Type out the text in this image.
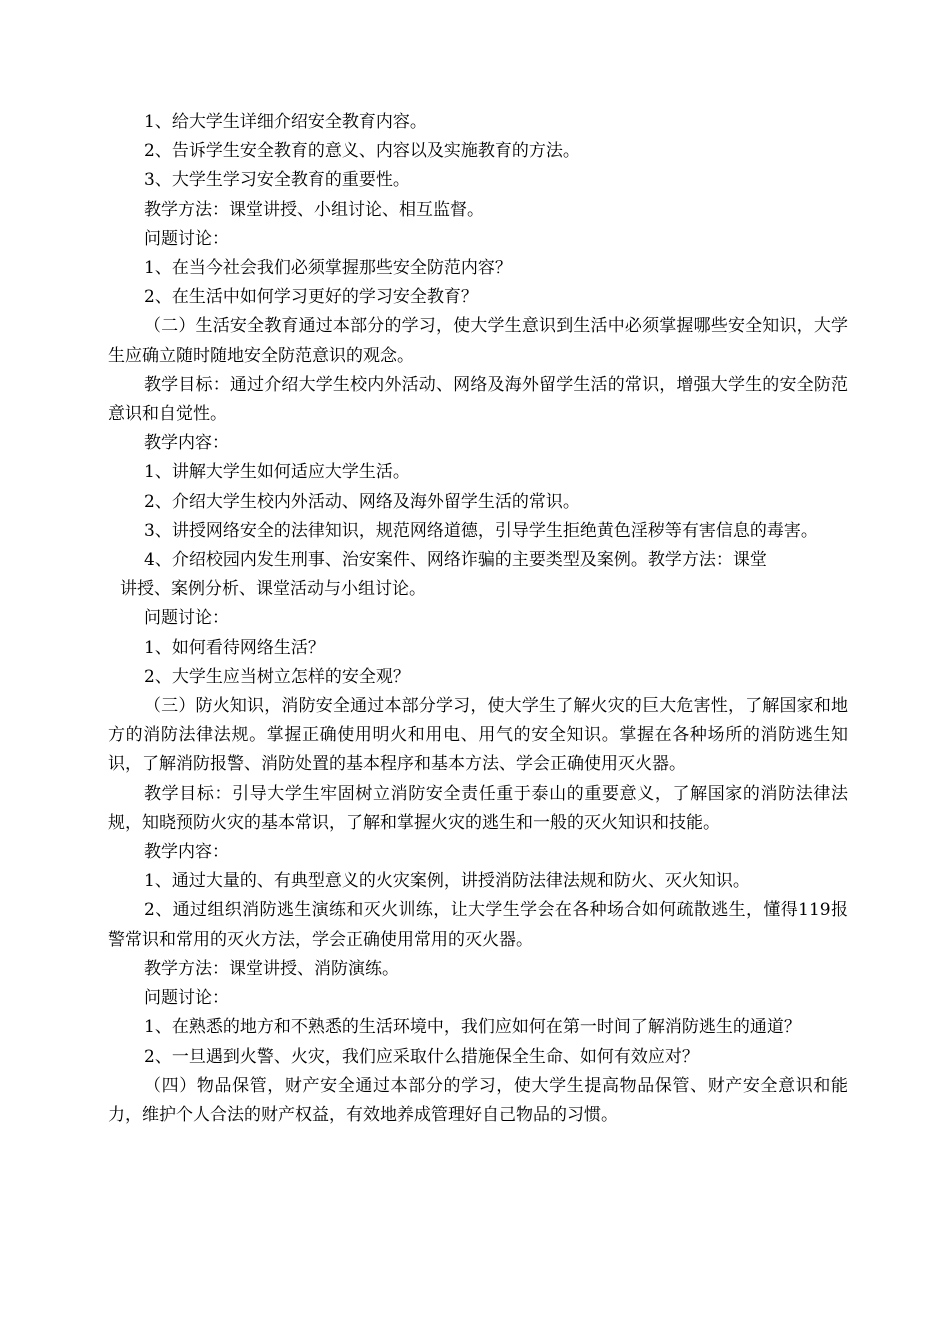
1、给大学生详细介绍安全教育内容。

2、告诉学生安全教育的意义、内容以及实施教育的方法。

3、大学生学习安全教育的重要性。

教学方法：课堂讲授、小组讨论、相互监督。

问题讨论：

1、在当今社会我们必须掌握那些安全防范内容？

2、在生活中如何学习更好的学习安全教育？

（二）生活安全教育通过本部分的学习，使大学生意识到生活中必须掌握哪些安全知识，大学生应确立随时随地安全防范意识的观念。

教学目标：通过介绍大学生校内外活动、网络及海外留学生活的常识，增强大学生的安全防范意识和自觉性。

教学内容：

1、讲解大学生如何适应大学生活。

2、介绍大学生校内外活动、网络及海外留学生活的常识。

3、讲授网络安全的法律知识，规范网络道德，引导学生拒绝黄色淫秽等有害信息的毒害。

4、介绍校园内发生刑事、治安案件、网络诈骗的主要类型及案例。教学方法：课堂
讲授、案例分析、课堂活动与小组讨论。

问题讨论：

1、如何看待网络生活？

2、大学生应当树立怎样的安全观？

（三）防火知识，消防安全通过本部分学习，使大学生了解火灾的巨大危害性，了解国家和地方的消防法律法规。掌握正确使用明火和用电、用气的安全知识。掌握在各种场所的消防逃生知识，了解消防报警、消防处置的基本程序和基本方法、学会正确使用灭火器。

教学目标：引导大学生牢固树立消防安全责任重于泰山的重要意义，了解国家的消防法律法规，知晓预防火灾的基本常识，了解和掌握火灾的逃生和一般的灭火知识和技能。

教学内容：

1、通过大量的、有典型意义的火灾案例，讲授消防法律法规和防火、灭火知识。

2、通过组织消防逃生演练和灭火训练，让大学生学会在各种场合如何疏散逃生，懂得119报警常识和常用的灭火方法，学会正确使用常用的灭火器。

教学方法：课堂讲授、消防演练。

问题讨论：

1、在熟悉的地方和不熟悉的生活环境中，我们应如何在第一时间了解消防逃生的通道？

2、一旦遇到火警、火灾，我们应采取什么措施保全生命、如何有效应对？

（四）物品保管，财产安全通过本部分的学习，使大学生提高物品保管、财产安全意识和能力，维护个人合法的财产权益，有效地养成管理好自己物品的习惯。
